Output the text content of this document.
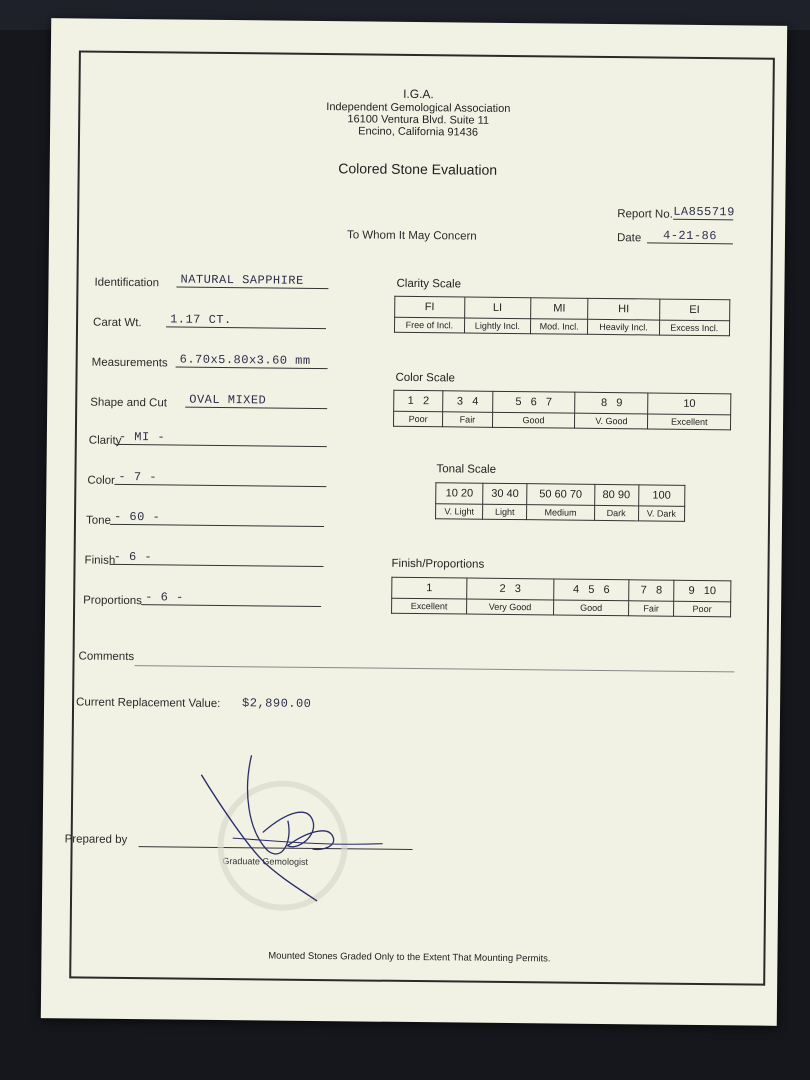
I.G.A.
Independent Gemological Association
16100 Ventura Blvd. Suite 11
Encino, California 91436
Colored Stone Evaluation
Report No. LA855719
To Whom It May Concern	Date	4-21-86
Identification	NATURAL SAPPHIRE
Carat Wt.	1.17 CT.
Measurements 6.70x5.80x3.60 mm
Shape and Cut	OVAL MIXED
Clarity
- MI -
Color - 7 -
Tone - 60 -
Finish
- 6 -
Proportions - 6 -
Clarity Scale
FI	LI	MI	HI	EI
Free of Incl.	Lightly Incl.	Mod. Incl.	Heavily Incl.	Excess Incl.
Color Scale
1   2	3   4	5   6   7	8   9	10
Poor	Fair	Good	V. Good	Excellent
Tonal Scale
10 20	30 40	50 60 70	80 90	100
V. Light	Light	Medium	Dark	V. Dark
Finish/Proportions
1	2   3	4   5   6	7   8	9   10
Excellent	Very Good	Good	Fair	Poor
Comments
Current Replacement Value: $2,890.00
Prepared by
Graduate Gemologist
Mounted Stones Graded Only to the Extent That Mounting Permits.
